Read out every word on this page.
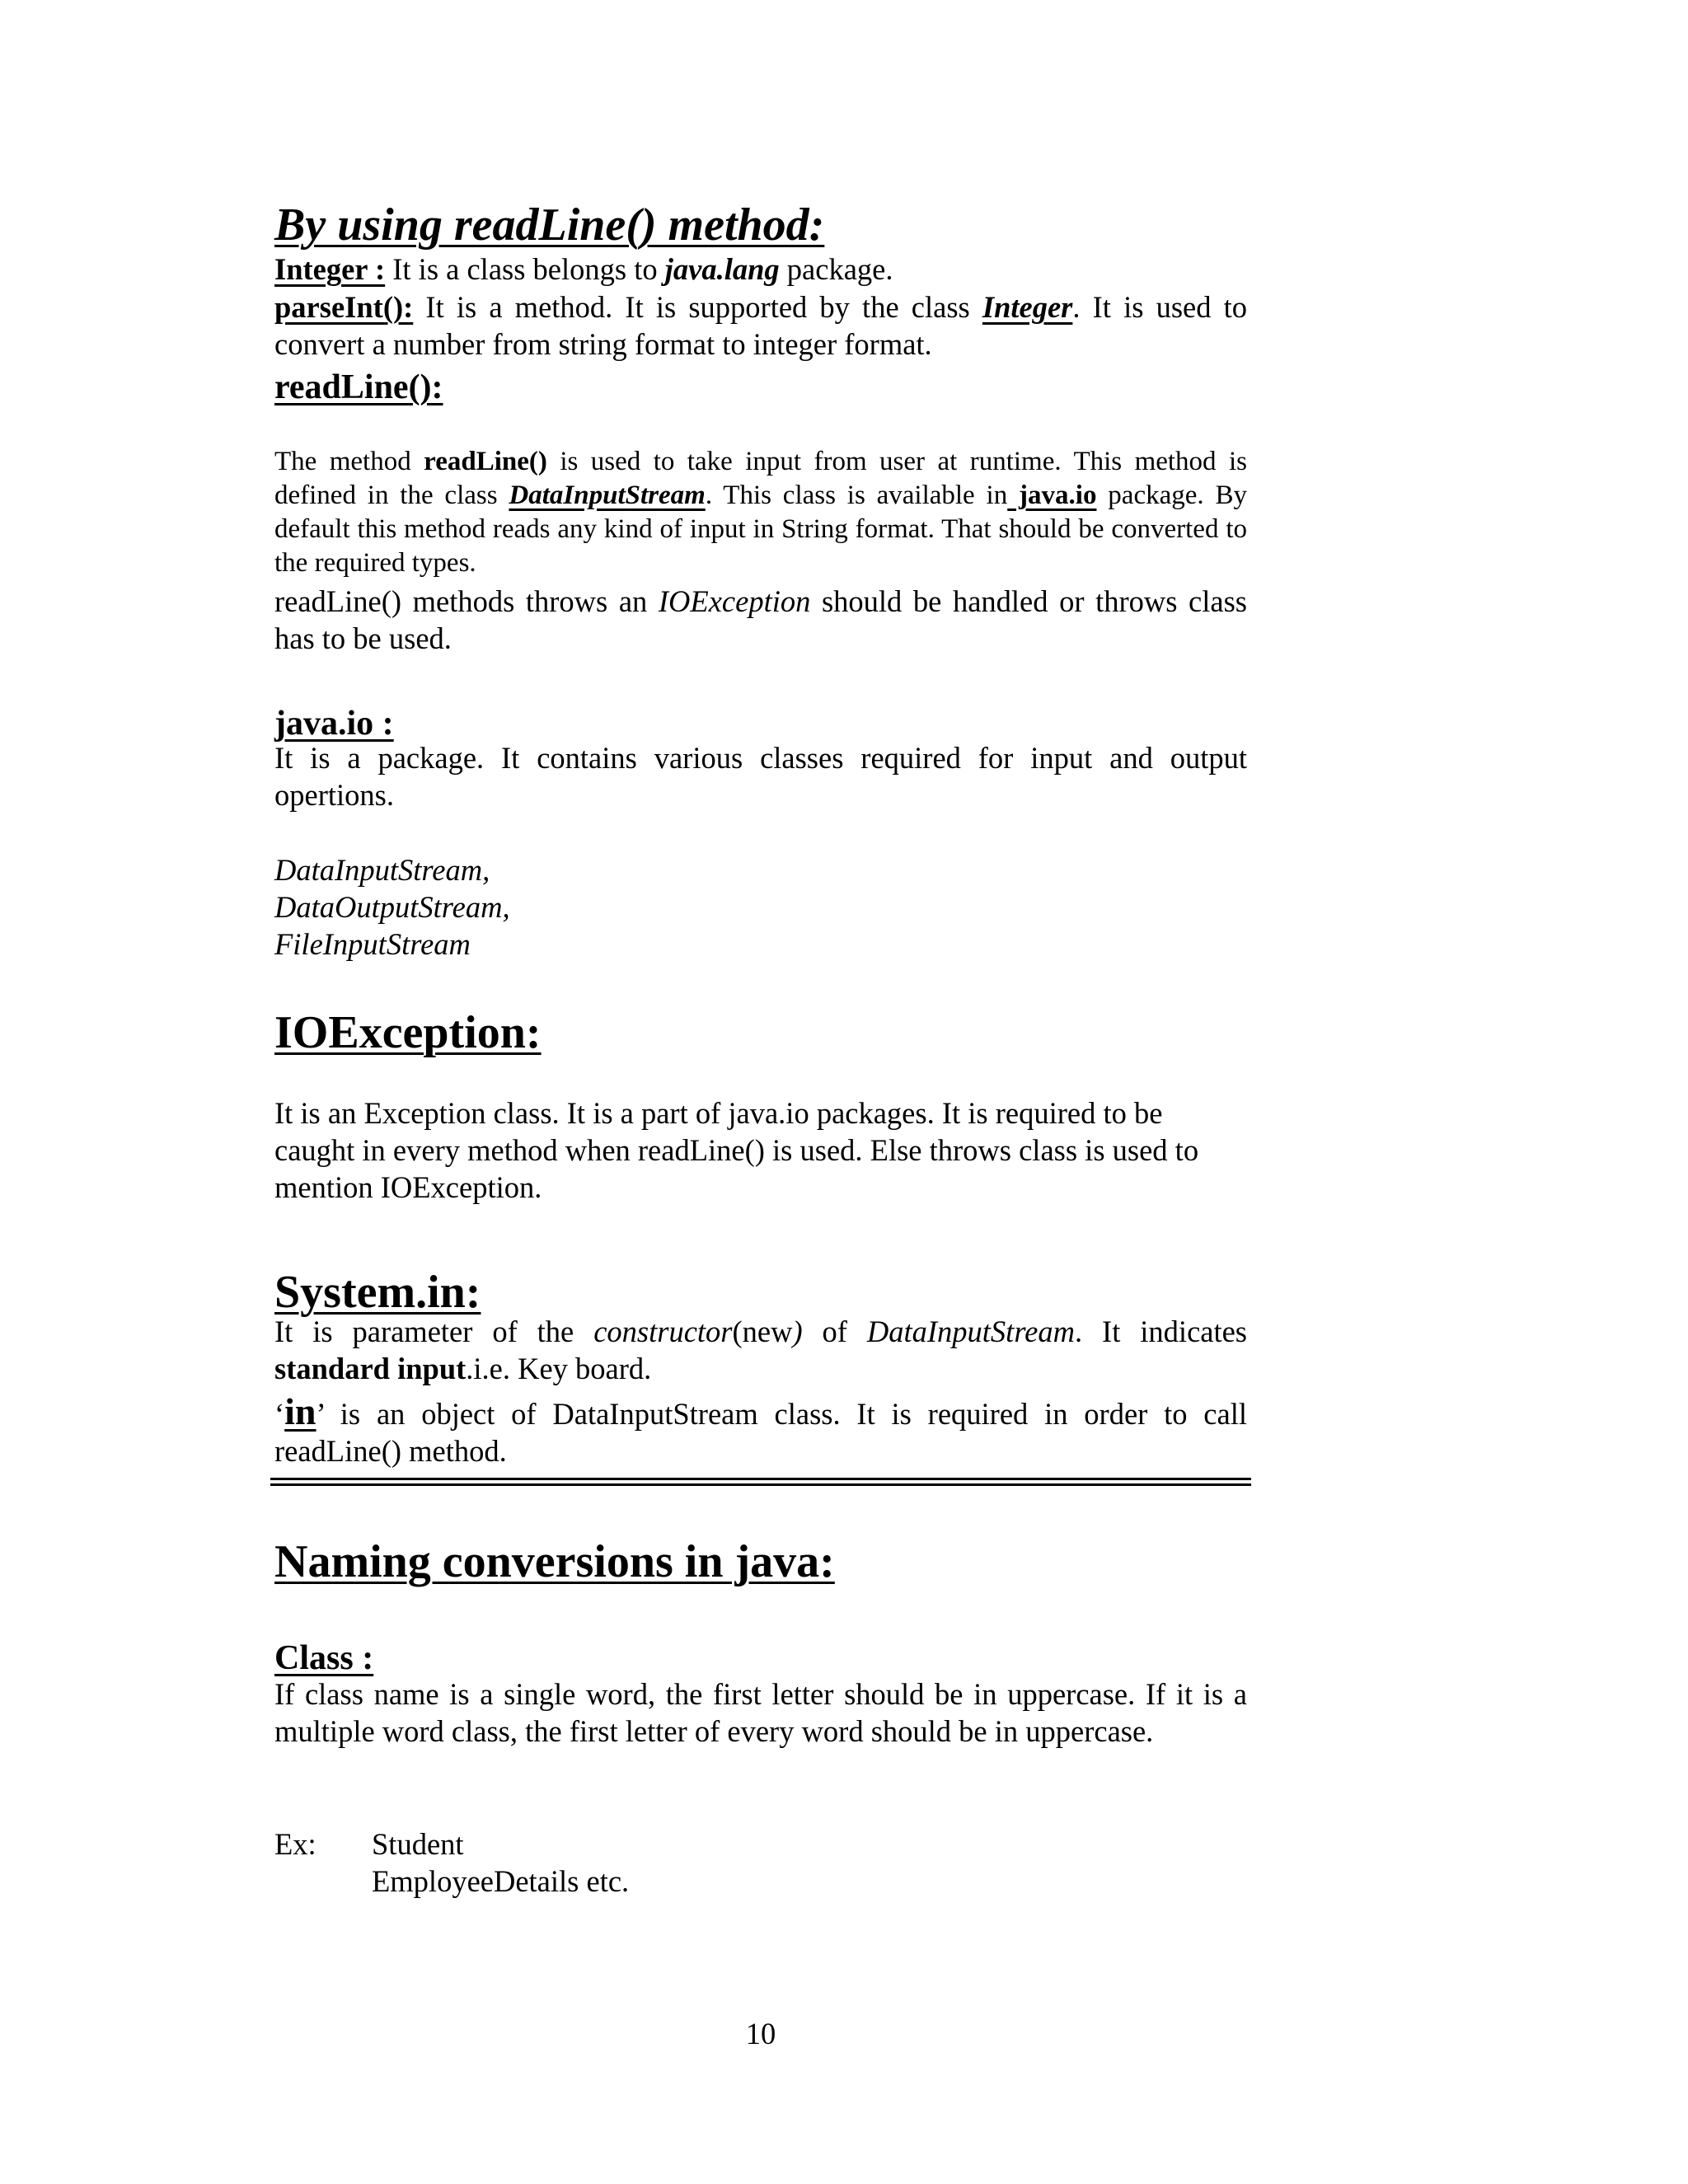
By using readLine() method:

Integer : It is a class belongs to java.lang package.

parseInt(): It is a method. It is supported by the class Integer. It is used to convert a number from string format to integer format.

readLine():

The method readLine() is used to take input from user at runtime. This method is defined in the class DataInputStream. This class is available in java.io package. By default this method reads any kind of input in String format. That should be converted to the required types.

readLine() methods throws an IOException should be handled or throws class has to be used.

java.io :

It is a package. It contains various classes required for input and output opertions.

DataInputStream,
DataOutputStream,
FileInputStream
IOException:

It is an Exception class. It is a part of java.io packages. It is required to be caught in every method when readLine() is used. Else throws class is used to mention IOException.

System.in:

It is parameter of the constructor(new) of DataInputStream. It indicates standard input.i.e. Key board.

‘in’ is an object of DataInputStream class. It is required in order to call readLine() method.

Naming conversions in java:
Class :

If class name is a single word, the first letter should be in uppercase. If it is a multiple word class, the first letter of every word should be in uppercase.

Ex: Student
EmployeeDetails etc.
10
